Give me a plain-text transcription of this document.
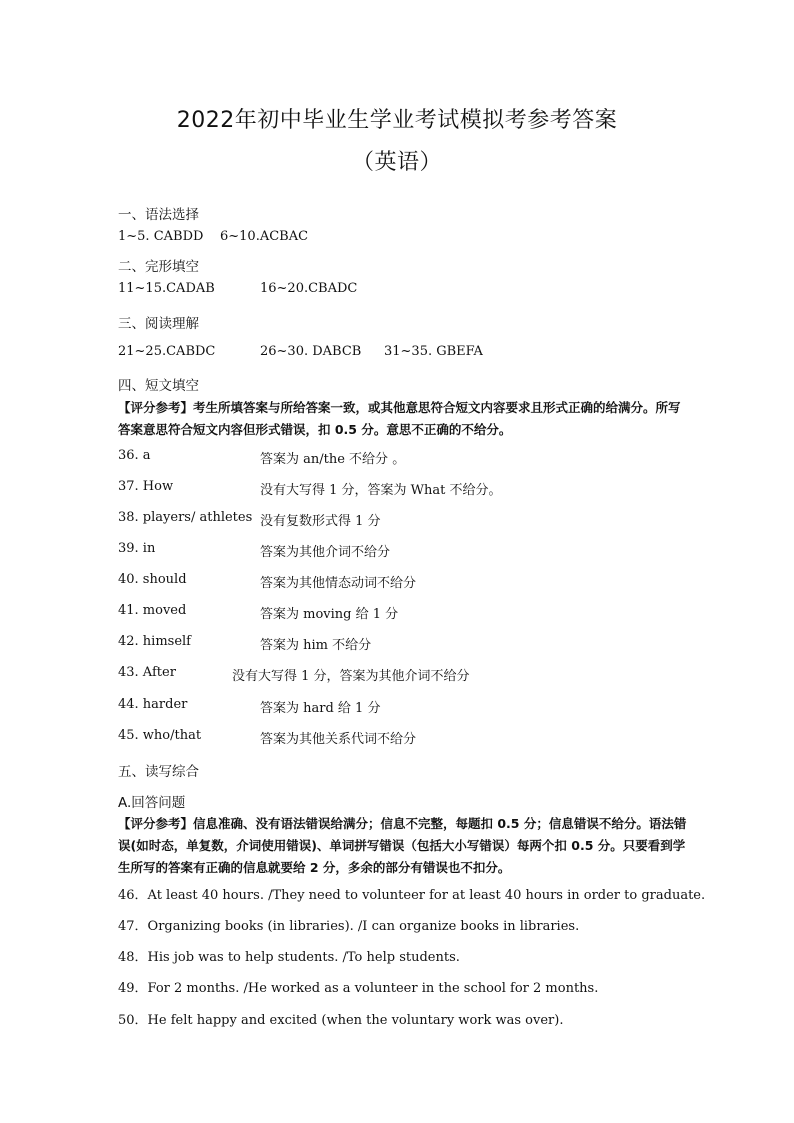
2022年初中毕业生学业考试模拟考参考答案
（英语）
一、语法选择
1~5. CABDD 6~10.ACBAC
二、完形填空
11~15.CADAB	16~20.CBADC
三、阅读理解
21~25.CABDC	26~30. DABCB 31~35. GBEFA
四、短文填空
【评分参考】考生所填答案与所给答案一致，或其他意思符合短文内容要求且形式正确的给满分。所写答案意思符合短文内容但形式错误，扣 0.5 分。意思不正确的不给分。
36. a	答案为 an/the 不给分 。
37. How	没有大写得 1 分，答案为 What 不给分。
38. players/ athletes 没有复数形式得 1 分
39. in	答案为其他介词不给分
40. should	答案为其他情态动词不给分
41. moved	答案为 moving 给 1 分
42. himself	答案为 him 不给分
43. After	没有大写得 1 分，答案为其他介词不给分
44. harder	答案为 hard 给 1 分
45. who/that	答案为其他关系代词不给分
五、读写综合
A.回答问题
【评分参考】信息准确、没有语法错误给满分；信息不完整，每题扣 0.5 分；信息错误不给分。语法错误(如时态，单复数，介词使用错误)、单词拼写错误（包括大小写错误）每两个扣 0.5 分。只要看到学生所写的答案有正确的信息就要给 2 分，多余的部分有错误也不扣分。
46．At least 40 hours. /They need to volunteer for at least 40 hours in order to graduate.
47．Organizing books (in libraries). /I can organize books in libraries.
48．His job was to help students. /To help students.
49．For 2 months. /He worked as a volunteer in the school for 2 months.
50．He felt happy and excited (when the voluntary work was over).
